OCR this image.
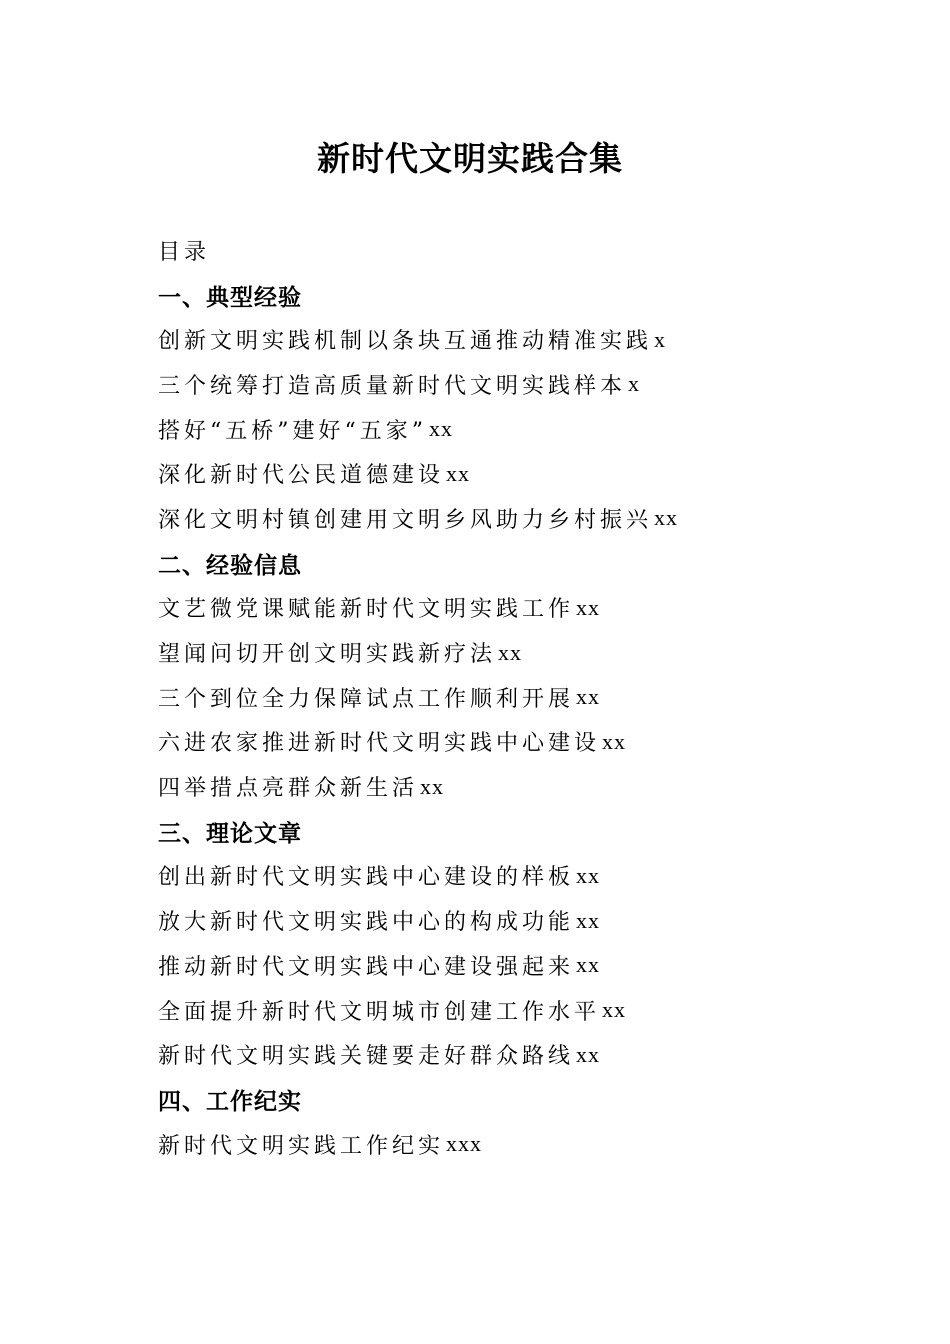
新时代文明实践合集
目录
一、典型经验
创新文明实践机制以条块互通推动精准实践 x
三个统筹打造高质量新时代文明实践样本 x
搭好“五桥”建好“五家” xx
深化新时代公民道德建设 xx
深化文明村镇创建用文明乡风助力乡村振兴 xx
二、经验信息
文艺微党课赋能新时代文明实践工作 xx
望闻问切开创文明实践新疗法 xx
三个到位全力保障试点工作顺利开展 xx
六进农家推进新时代文明实践中心建设 xx
四举措点亮群众新生活 xx
三、理论文章
创出新时代文明实践中心建设的样板 xx
放大新时代文明实践中心的构成功能 xx
推动新时代文明实践中心建设强起来 xx
全面提升新时代文明城市创建工作水平 xx
新时代文明实践关键要走好群众路线 xx
四、工作纪实
新时代文明实践工作纪实 xxx
